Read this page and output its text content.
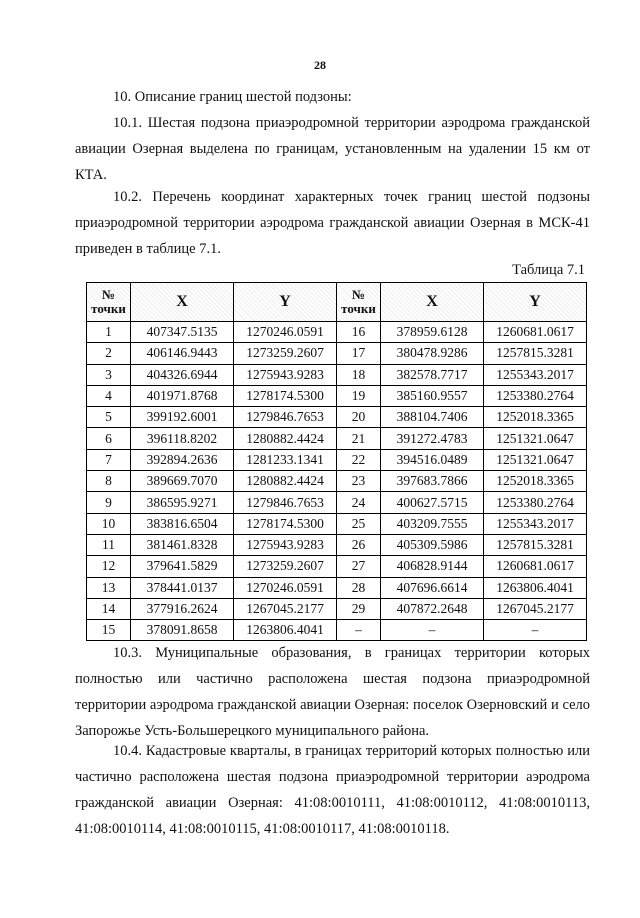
28

10. Описание границ шестой подзоны:

10.1. Шестая подзона приаэродромной территории аэродрома гражданской авиации Озерная выделена по границам, установленным на удалении 15 км от КТА.

10.2. Перечень координат характерных точек границ шестой подзоны приаэродромной территории аэродрома гражданской авиации Озерная в МСК-41 приведен в таблице 7.1.

Таблица 7.1
№ точки	X	Y	№ точки	X	Y
1	407347.5135	1270246.0591	16	378959.6128	1260681.0617
2	406146.9443	1273259.2607	17	380478.9286	1257815.3281
3	404326.6944	1275943.9283	18	382578.7717	1255343.2017
4	401971.8768	1278174.5300	19	385160.9557	1253380.2764
5	399192.6001	1279846.7653	20	388104.7406	1252018.3365
6	396118.8202	1280882.4424	21	391272.4783	1251321.0647
7	392894.2636	1281233.1341	22	394516.0489	1251321.0647
8	389669.7070	1280882.4424	23	397683.7866	1252018.3365
9	386595.9271	1279846.7653	24	400627.5715	1253380.2764
10	383816.6504	1278174.5300	25	403209.7555	1255343.2017
11	381461.8328	1275943.9283	26	405309.5986	1257815.3281
12	379641.5829	1273259.2607	27	406828.9144	1260681.0617
13	378441.0137	1270246.0591	28	407696.6614	1263806.4041
14	377916.2624	1267045.2177	29	407872.2648	1267045.2177
15	378091.8658	1263806.4041	–	–	–

10.3. Муниципальные образования, в границах территории которых полностью или частично расположена шестая подзона приаэродромной территории аэродрома гражданской авиации Озерная: поселок Озерновский и село Запорожье Усть-Большерецкого муниципального района.

10.4. Кадастровые кварталы, в границах территорий которых полностью или частично расположена шестая подзона приаэродромной территории аэродрома гражданской авиации Озерная: 41:08:0010111, 41:08:0010112, 41:08:0010113, 41:08:0010114, 41:08:0010115, 41:08:0010117, 41:08:0010118.
